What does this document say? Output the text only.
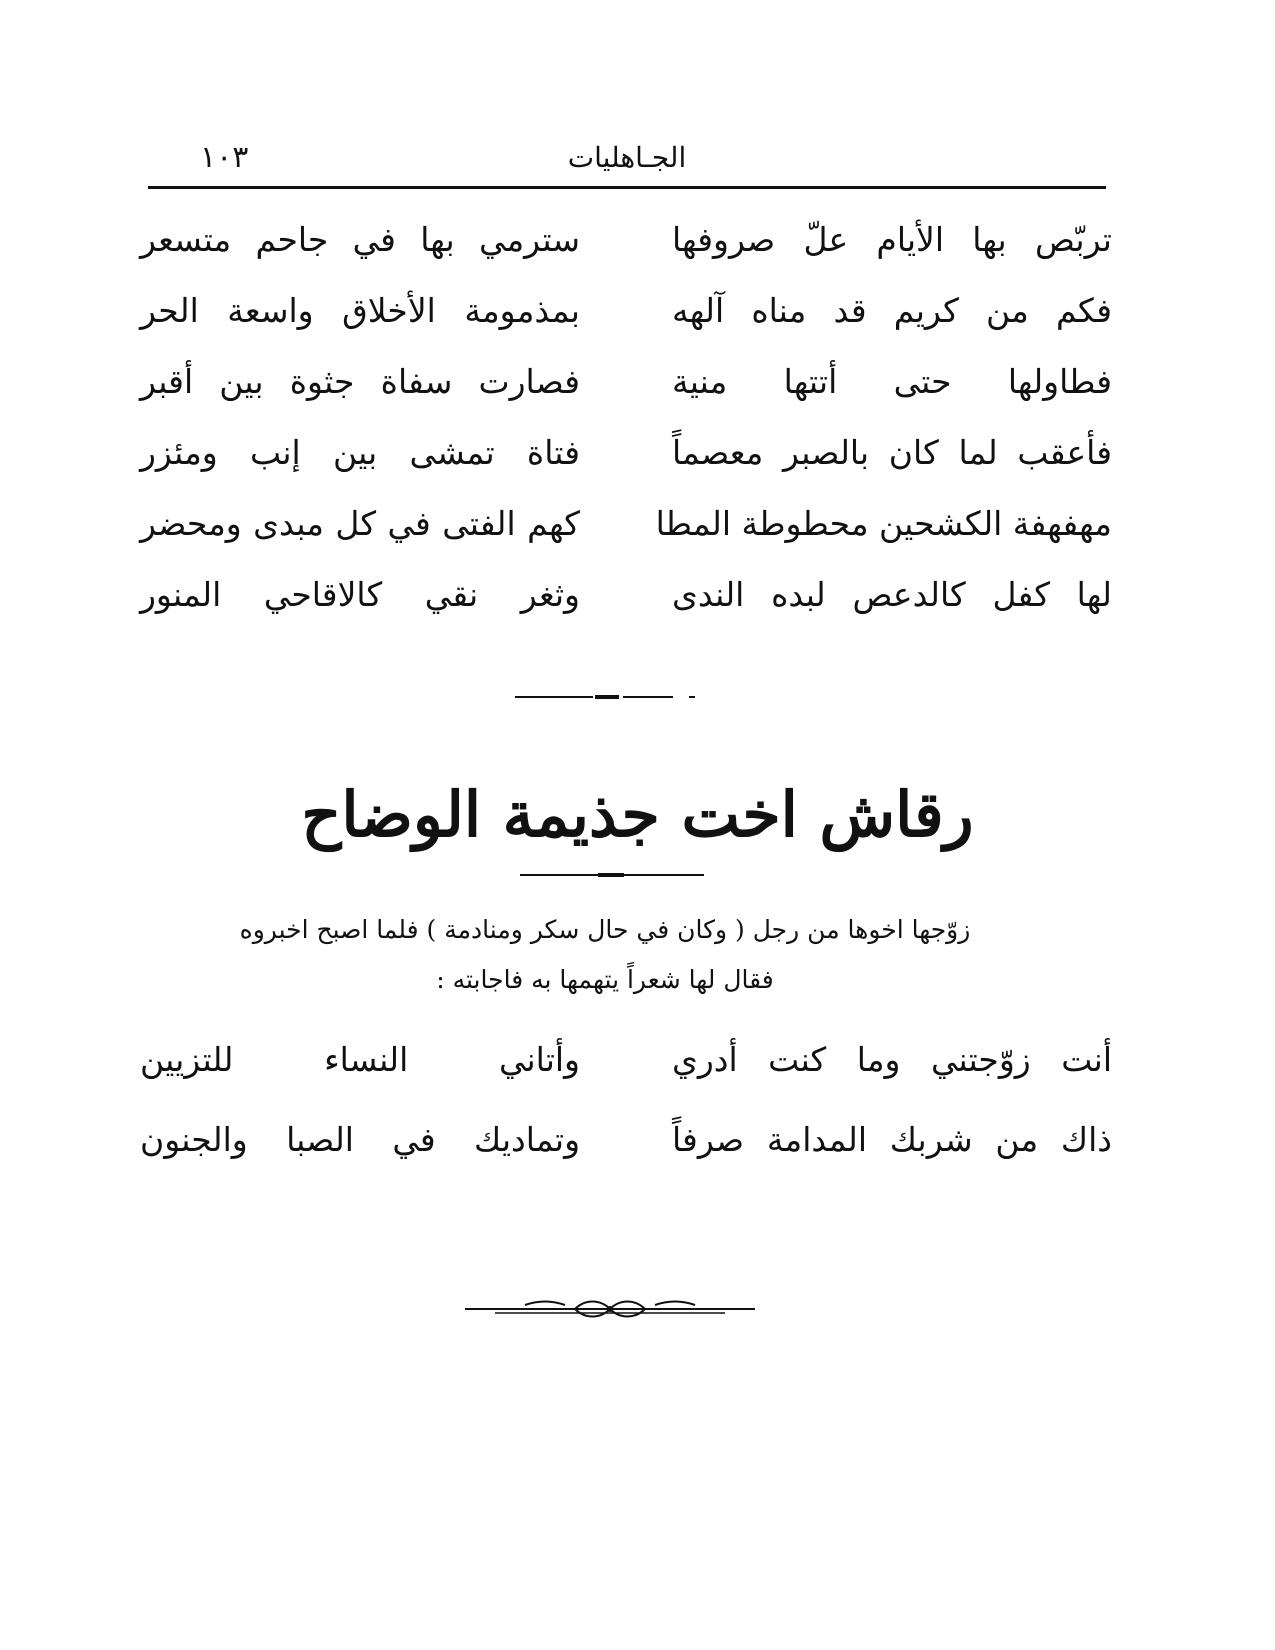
١٠٣	الجـاهليات
تربّص بها الأيام علّ صروفها
سترمي بها في جاحم متسعر
فكم من كريم قد مناه آلهه
بمذمومة الأخلاق واسعة الحر
فطاولها حتى أتتها منية
فصارت سفاة جثوة بين أقبر
فأعقب لما كان بالصبر معصماً
فتاة تمشى بين إنب ومئزر
مهفهفة الكشحين محطوطة المطا
كهم الفتى في كل مبدى ومحضر
لها كفل كالدعص لبده الندى
وثغر نقي كالاقاحي المنور
رقاش اخت جذيمة الوضاح
زوّجها اخوها من رجل ( وكان في حال سكر ومنادمة ) فلما اصبح اخبروه
فقال لها شعراً يتهمها به فاجابته :
أنت زوّجتني وما كنت أدري
وأتاني النساء للتزيين
ذاك من شربك المدامة صرفاً
وتماديك في الصبا والجنون
